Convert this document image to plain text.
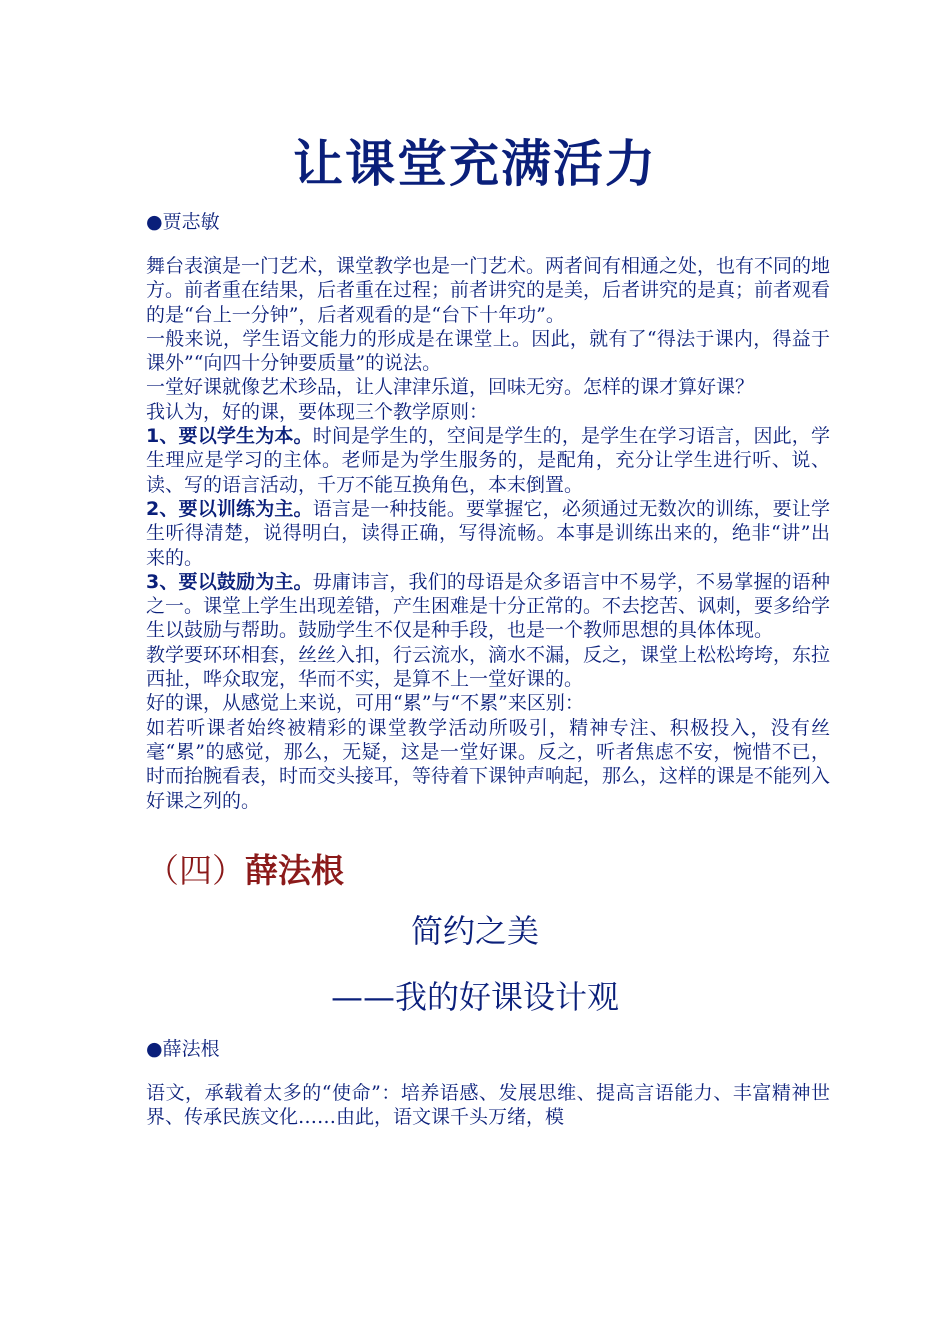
让课堂充满活力
●贾志敏

舞台表演是一门艺术，课堂教学也是一门艺术。两者间有相通之处，也有不同的地方。前者重在结果，后者重在过程；前者讲究的是美，后者讲究的是真；前者观看的是“台上一分钟”，后者观看的是“台下十年功”。

一般来说，学生语文能力的形成是在课堂上。因此，就有了“得法于课内，得益于课外”“向四十分钟要质量”的说法。

一堂好课就像艺术珍品，让人津津乐道，回味无穷。怎样的课才算好课？

我认为，好的课，要体现三个教学原则：

1、要以学生为本。时间是学生的，空间是学生的，是学生在学习语言，因此，学生理应是学习的主体。老师是为学生服务的，是配角，充分让学生进行听、说、读、写的语言活动，千万不能互换角色，本末倒置。

2、要以训练为主。语言是一种技能。要掌握它，必须通过无数次的训练，要让学生听得清楚，说得明白，读得正确，写得流畅。本事是训练出来的，绝非“讲”出来的。

3、要以鼓励为主。毋庸讳言，我们的母语是众多语言中不易学，不易掌握的语种之一。课堂上学生出现差错，产生困难是十分正常的。不去挖苦、讽刺，要多给学生以鼓励与帮助。鼓励学生不仅是种手段，也是一个教师思想的具体体现。

教学要环环相套，丝丝入扣，行云流水，滴水不漏，反之，课堂上松松垮垮，东拉西扯，哗众取宠，华而不实，是算不上一堂好课的。

好的课，从感觉上来说，可用“累”与“不累”来区别：

如若听课者始终被精彩的课堂教学活动所吸引，精神专注、积极投入，没有丝毫“累”的感觉，那么，无疑，这是一堂好课。反之，听者焦虑不安，惋惜不已，时而抬腕看表，时而交头接耳，等待着下课钟声响起，那么，这样的课是不能列入好课之列的。

（四）薛法根
简约之美
——我的好课设计观
●薛法根

语文，承载着太多的“使命”：培养语感、发展思维、提高言语能力、丰富精神世界、传承民族文化……由此，语文课千头万绪，模
